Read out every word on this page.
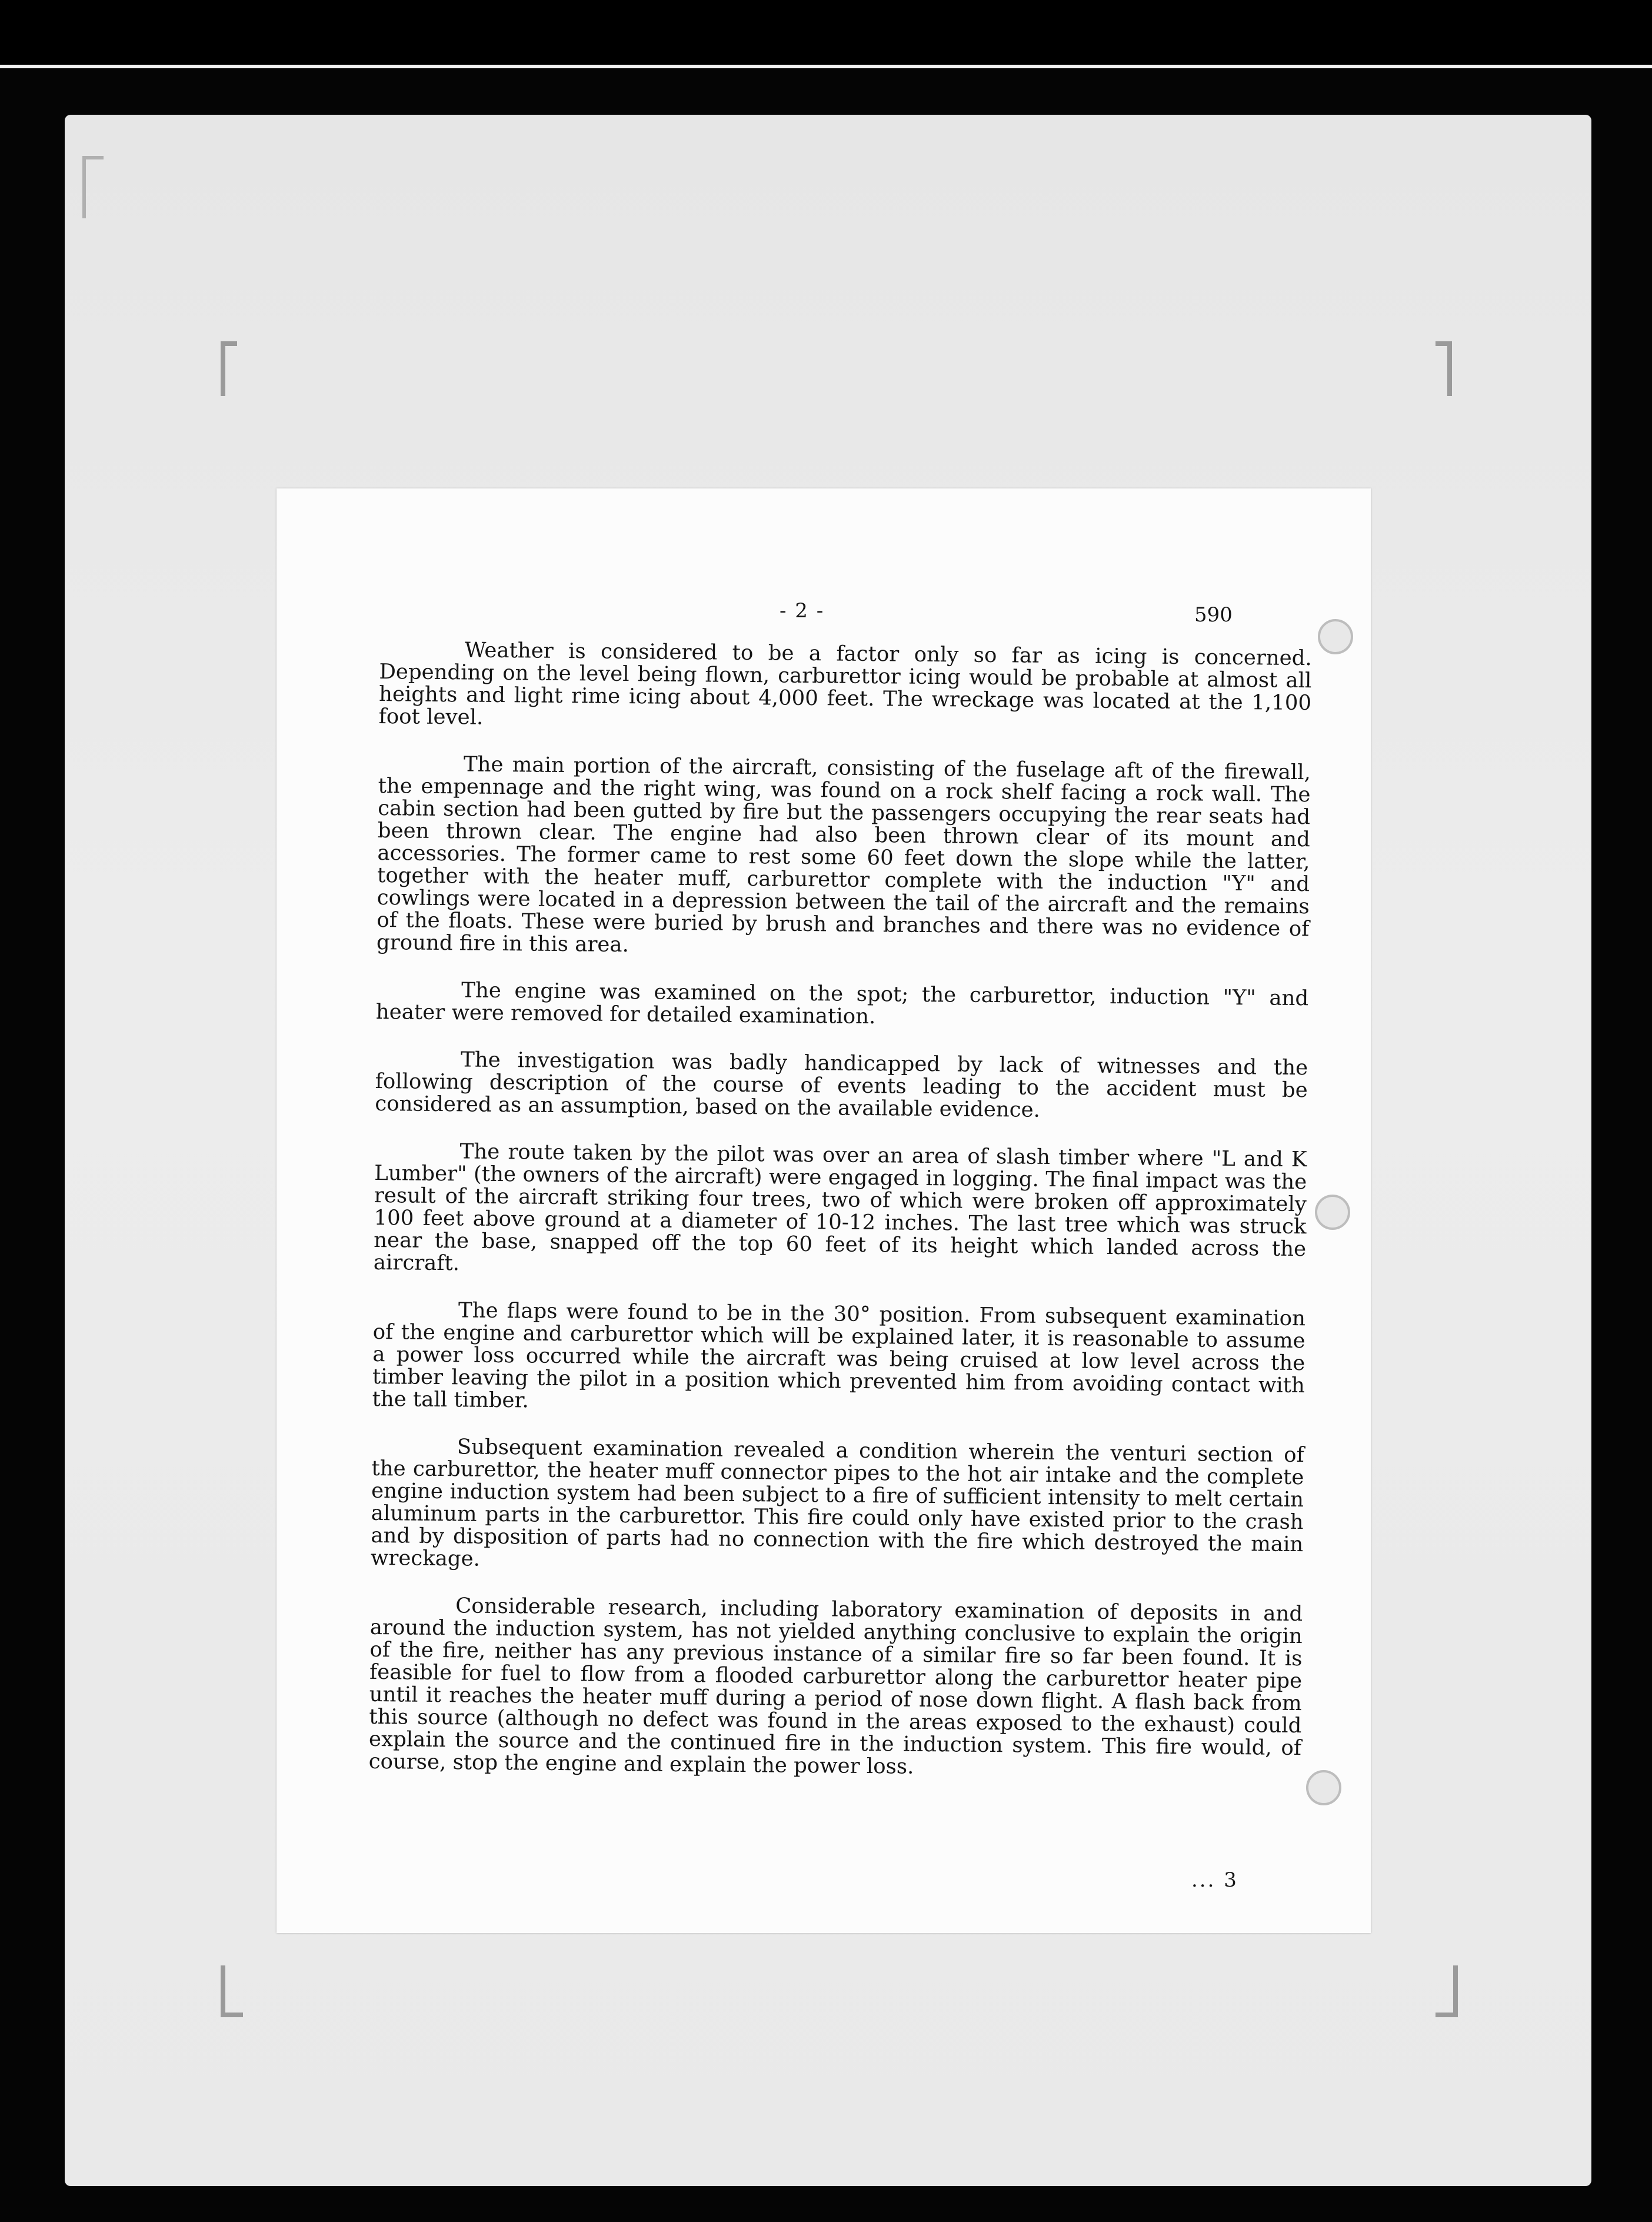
- 2 -	590

Weather is considered to be a factor only so far as icing is concerned. Depending on the level being flown, carburettor icing would be probable at almost all heights and light rime icing about 4,000 feet. The wreckage was located at the 1,100 foot level.

The main portion of the aircraft, consisting of the fuselage aft of the firewall, the empennage and the right wing, was found on a rock shelf facing a rock wall. The cabin section had been gutted by fire but the passengers occupying the rear seats had been thrown clear. The engine had also been thrown clear of its mount and accessories. The former came to rest some 60 feet down the slope while the latter, together with the heater muff, carburettor complete with the induction "Y" and cowlings were located in a depression between the tail of the aircraft and the remains of the floats. These were buried by brush and branches and there was no evidence of ground fire in this area.

The engine was examined on the spot; the carburettor, induction "Y" and heater were removed for detailed examination.

The investigation was badly handicapped by lack of witnesses and the following description of the course of events leading to the accident must be considered as an assumption, based on the available evidence.

The route taken by the pilot was over an area of slash timber where "L and K Lumber" (the owners of the aircraft) were engaged in logging. The final impact was the result of the aircraft striking four trees, two of which were broken off approximately 100 feet above ground at a diameter of 10-12 inches. The last tree which was struck near the base, snapped off the top 60 feet of its height which landed across the aircraft.

The flaps were found to be in the 30° position. From subsequent examination of the engine and carburettor which will be explained later, it is reasonable to assume a power loss occurred while the aircraft was being cruised at low level across the timber leaving the pilot in a position which prevented him from avoiding contact with the tall timber.

Subsequent examination revealed a condition wherein the venturi section of the carburettor, the heater muff connector pipes to the hot air intake and the complete engine induction system had been subject to a fire of sufficient intensity to melt certain aluminum parts in the carburettor. This fire could only have existed prior to the crash and by disposition of parts had no connection with the fire which destroyed the main wreckage.

Considerable research, including laboratory examination of deposits in and around the induction system, has not yielded anything conclusive to explain the origin of the fire, neither has any previous instance of a similar fire so far been found. It is feasible for fuel to flow from a flooded carburettor along the carburettor heater pipe until it reaches the heater muff during a period of nose down flight. A flash back from this source (although no defect was found in the areas exposed to the exhaust) could explain the source and the continued fire in the induction system. This fire would, of course, stop the engine and explain the power loss.

... 3
